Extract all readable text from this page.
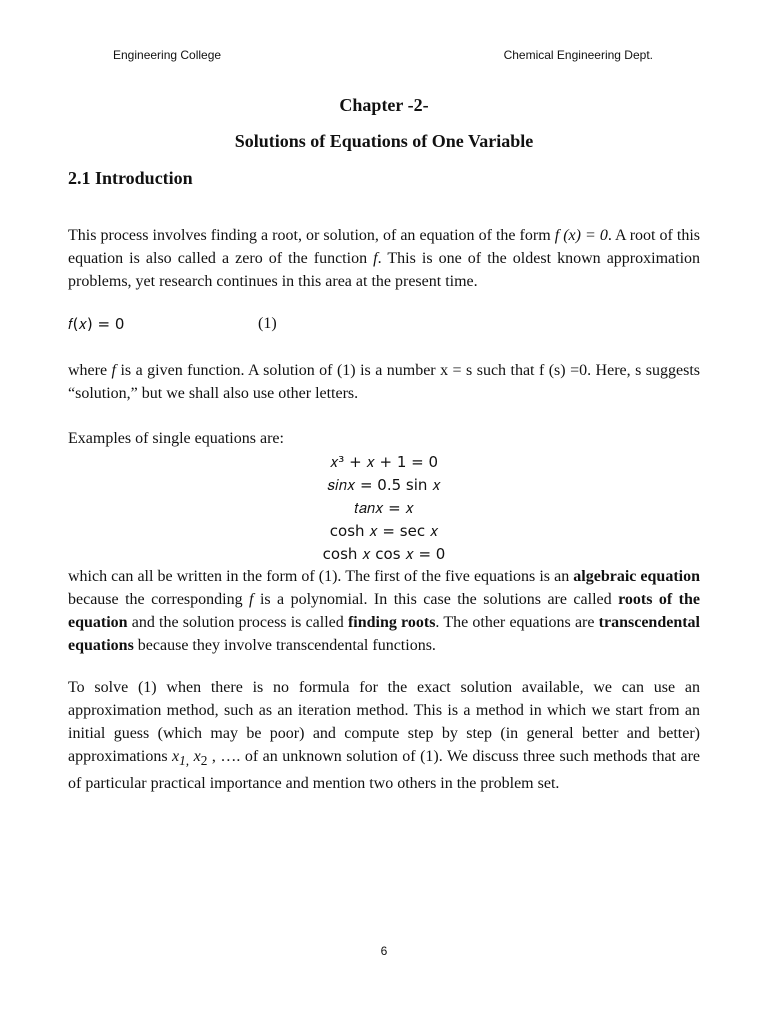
Engineering College	Chemical Engineering Dept.
Chapter -2-
Solutions of Equations of One Variable
2.1 Introduction

This process involves finding a root, or solution, of an equation of the form f (x) = 0. A root of this equation is also called a zero of the function f. This is one of the oldest known approximation problems, yet research continues in this area at the present time.

𝑓(𝑥) = 0	(1)

where f is a given function. A solution of (1) is a number x = s such that f (s) =0. Here, s suggests “solution,” but we shall also use other letters.

Examples of single equations are:

𝑥³ + 𝑥 + 1 = 0
𝑠𝑖𝑛𝑥 = 0.5 sin 𝑥
𝑡𝑎𝑛𝑥 = 𝑥
cosh 𝑥 = sec 𝑥
cosh 𝑥 cos 𝑥 = 0

which can all be written in the form of (1). The first of the five equations is an algebraic equation because the corresponding f is a polynomial. In this case the solutions are called roots of the equation and the solution process is called finding roots. The other equations are transcendental equations because they involve transcendental functions.

To solve (1) when there is no formula for the exact solution available, we can use an approximation method, such as an iteration method. This is a method in which we start from an initial guess (which may be poor) and compute step by step (in general better and better) approximations $x_{1,}$ $x_2$ , …. of an unknown solution of (1). We discuss three such methods that are of particular practical importance and mention two others in the problem set.

6
